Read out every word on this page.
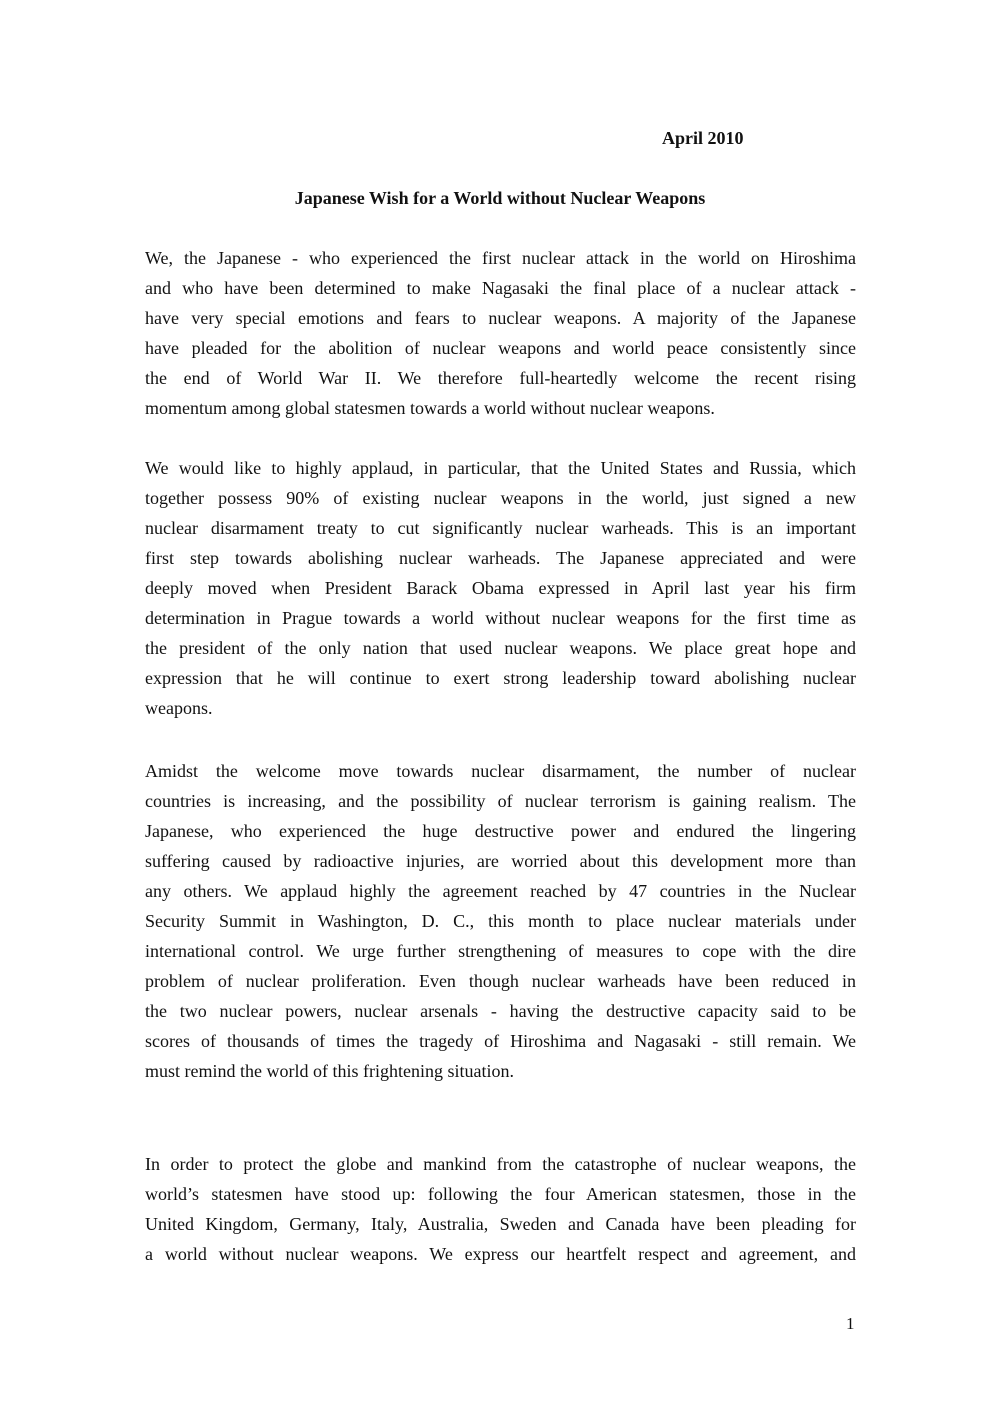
April 2010
Japanese Wish for a World without Nuclear Weapons
We, the Japanese - who experienced the first nuclear attack in the world on Hiroshima
and who have been determined to make Nagasaki the final place of a nuclear attack -
have very special emotions and fears to nuclear weapons. A majority of the Japanese
have pleaded for the abolition of nuclear weapons and world peace consistently since
the end of World War II. We therefore full-heartedly welcome the recent rising
momentum among global statesmen towards a world without nuclear weapons.
We would like to highly applaud, in particular, that the United States and Russia, which
together possess 90% of existing nuclear weapons in the world, just signed a new
nuclear disarmament treaty to cut significantly nuclear warheads. This is an important
first step towards abolishing nuclear warheads. The Japanese appreciated and were
deeply moved when President Barack Obama expressed in April last year his firm
determination in Prague towards a world without nuclear weapons for the first time as
the president of the only nation that used nuclear weapons. We place great hope and
expression that he will continue to exert strong leadership toward abolishing nuclear
weapons.
Amidst the welcome move towards nuclear disarmament, the number of nuclear
countries is increasing, and the possibility of nuclear terrorism is gaining realism. The
Japanese, who experienced the huge destructive power and endured the lingering
suffering caused by radioactive injuries, are worried about this development more than
any others. We applaud highly the agreement reached by 47 countries in the Nuclear
Security Summit in Washington, D. C., this month to place nuclear materials under
international control. We urge further strengthening of measures to cope with the dire
problem of nuclear proliferation. Even though nuclear warheads have been reduced in
the two nuclear powers, nuclear arsenals - having the destructive capacity said to be
scores of thousands of times the tragedy of Hiroshima and Nagasaki - still remain. We
must remind the world of this frightening situation.
In order to protect the globe and mankind from the catastrophe of nuclear weapons, the
world’s statesmen have stood up: following the four American statesmen, those in the
United Kingdom, Germany, Italy, Australia, Sweden and Canada have been pleading for
a world without nuclear weapons. We express our heartfelt respect and agreement, and
1
